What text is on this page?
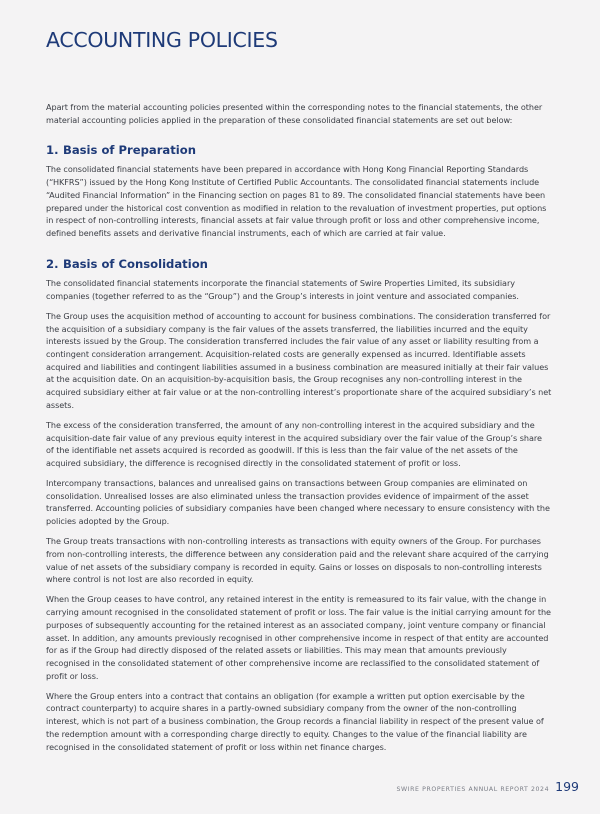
ACCOUNTING POLICIES

Apart from the material accounting policies presented within the corresponding notes to the financial statements, the other material accounting policies applied in the preparation of these consolidated financial statements are set out below:

1. Basis of Preparation

The consolidated financial statements have been prepared in accordance with Hong Kong Financial Reporting Standards (“HKFRS”) issued by the Hong Kong Institute of Certified Public Accountants. The consolidated financial statements include “Audited Financial Information” in the Financing section on pages 81 to 89. The consolidated financial statements have been prepared under the historical cost convention as modified in relation to the revaluation of investment properties, put options in respect of non-controlling interests, financial assets at fair value through profit or loss and other comprehensive income, defined benefits assets and derivative financial instruments, each of which are carried at fair value.

2. Basis of Consolidation

The consolidated financial statements incorporate the financial statements of Swire Properties Limited, its subsidiary companies (together referred to as the “Group”) and the Group’s interests in joint venture and associated companies.

The Group uses the acquisition method of accounting to account for business combinations. The consideration transferred for the acquisition of a subsidiary company is the fair values of the assets transferred, the liabilities incurred and the equity interests issued by the Group. The consideration transferred includes the fair value of any asset or liability resulting from a contingent consideration arrangement. Acquisition-related costs are generally expensed as incurred. Identifiable assets acquired and liabilities and contingent liabilities assumed in a business combination are measured initially at their fair values at the acquisition date. On an acquisition-by-acquisition basis, the Group recognises any non-controlling interest in the acquired subsidiary either at fair value or at the non-controlling interest’s proportionate share of the acquired subsidiary’s net assets.

The excess of the consideration transferred, the amount of any non-controlling interest in the acquired subsidiary and the acquisition-date fair value of any previous equity interest in the acquired subsidiary over the fair value of the Group’s share of the identifiable net assets acquired is recorded as goodwill. If this is less than the fair value of the net assets of the acquired subsidiary, the difference is recognised directly in the consolidated statement of profit or loss.

Intercompany transactions, balances and unrealised gains on transactions between Group companies are eliminated on consolidation. Unrealised losses are also eliminated unless the transaction provides evidence of impairment of the asset transferred. Accounting policies of subsidiary companies have been changed where necessary to ensure consistency with the policies adopted by the Group.

The Group treats transactions with non-controlling interests as transactions with equity owners of the Group. For purchases from non-controlling interests, the difference between any consideration paid and the relevant share acquired of the carrying value of net assets of the subsidiary company is recorded in equity. Gains or losses on disposals to non-controlling interests where control is not lost are also recorded in equity.

When the Group ceases to have control, any retained interest in the entity is remeasured to its fair value, with the change in carrying amount recognised in the consolidated statement of profit or loss. The fair value is the initial carrying amount for the purposes of subsequently accounting for the retained interest as an associated company, joint venture company or financial asset. In addition, any amounts previously recognised in other comprehensive income in respect of that entity are accounted for as if the Group had directly disposed of the related assets or liabilities. This may mean that amounts previously recognised in the consolidated statement of other comprehensive income are reclassified to the consolidated statement of profit or loss.

Where the Group enters into a contract that contains an obligation (for example a written put option exercisable by the contract counterparty) to acquire shares in a partly-owned subsidiary company from the owner of the non-controlling interest, which is not part of a business combination, the Group records a financial liability in respect of the present value of the redemption amount with a corresponding charge directly to equity. Changes to the value of the financial liability are recognised in the consolidated statement of profit or loss within net finance charges.

SWIRE PROPERTIES ANNUAL REPORT 2024 199
